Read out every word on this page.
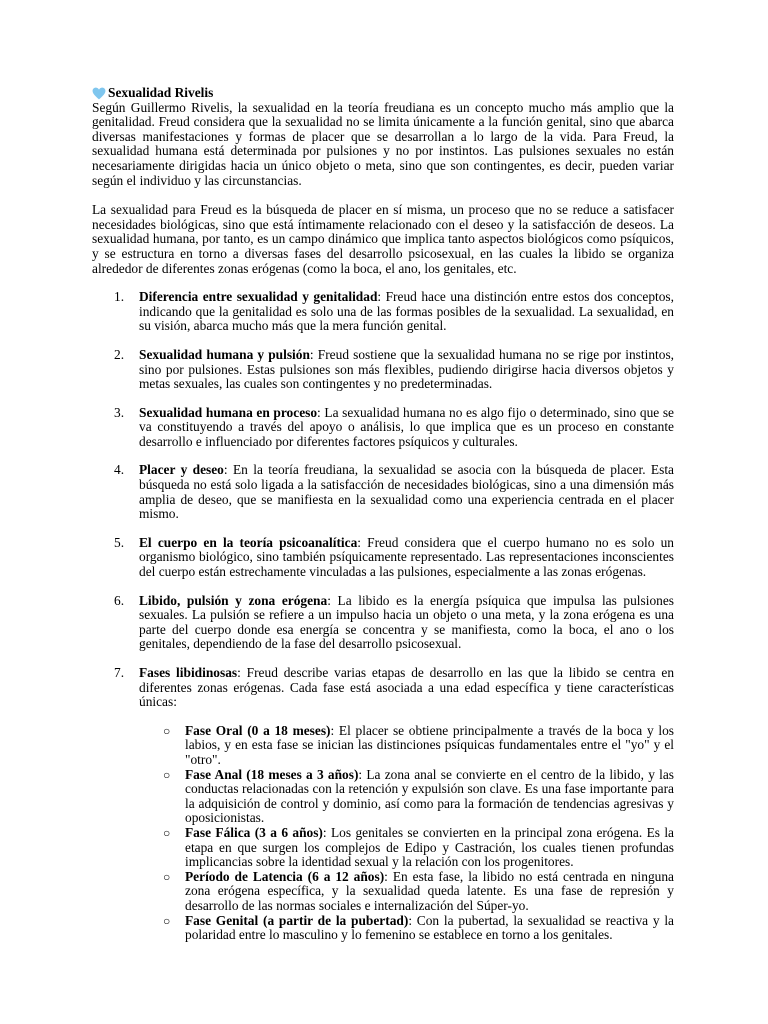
Sexualidad Rivelis

Según Guillermo Rivelis, la sexualidad en la teoría freudiana es un concepto mucho más amplio que la genitalidad. Freud considera que la sexualidad no se limita únicamente a la función genital, sino que abarca diversas manifestaciones y formas de placer que se desarrollan a lo largo de la vida. Para Freud, la sexualidad humana está determinada por pulsiones y no por instintos. Las pulsiones sexuales no están necesariamente dirigidas hacia un único objeto o meta, sino que son contingentes, es decir, pueden variar según el individuo y las circunstancias.

La sexualidad para Freud es la búsqueda de placer en sí misma, un proceso que no se reduce a satisfacer necesidades biológicas, sino que está íntimamente relacionado con el deseo y la satisfacción de deseos. La sexualidad humana, por tanto, es un campo dinámico que implica tanto aspectos biológicos como psíquicos, y se estructura en torno a diversas fases del desarrollo psicosexual, en las cuales la libido se organiza alrededor de diferentes zonas erógenas (como la boca, el ano, los genitales, etc.

1. Diferencia entre sexualidad y genitalidad: Freud hace una distinción entre estos dos conceptos, indicando que la genitalidad es solo una de las formas posibles de la sexualidad. La sexualidad, en su visión, abarca mucho más que la mera función genital.
2. Sexualidad humana y pulsión: Freud sostiene que la sexualidad humana no se rige por instintos, sino por pulsiones. Estas pulsiones son más flexibles, pudiendo dirigirse hacia diversos objetos y metas sexuales, las cuales son contingentes y no predeterminadas.
3. Sexualidad humana en proceso: La sexualidad humana no es algo fijo o determinado, sino que se va constituyendo a través del apoyo o análisis, lo que implica que es un proceso en constante desarrollo e influenciado por diferentes factores psíquicos y culturales.
4. Placer y deseo: En la teoría freudiana, la sexualidad se asocia con la búsqueda de placer. Esta búsqueda no está solo ligada a la satisfacción de necesidades biológicas, sino a una dimensión más amplia de deseo, que se manifiesta en la sexualidad como una experiencia centrada en el placer mismo.
5. El cuerpo en la teoría psicoanalítica: Freud considera que el cuerpo humano no es solo un organismo biológico, sino también psíquicamente representado. Las representaciones inconscientes del cuerpo están estrechamente vinculadas a las pulsiones, especialmente a las zonas erógenas.
6. Libido, pulsión y zona erógena: La libido es la energía psíquica que impulsa las pulsiones sexuales. La pulsión se refiere a un impulso hacia un objeto o una meta, y la zona erógena es una parte del cuerpo donde esa energía se concentra y se manifiesta, como la boca, el ano o los genitales, dependiendo de la fase del desarrollo psicosexual.
7. Fases libidinosas: Freud describe varias etapas de desarrollo en las que la libido se centra en diferentes zonas erógenas. Cada fase está asociada a una edad específica y tiene características únicas:
○ Fase Oral (0 a 18 meses): El placer se obtiene principalmente a través de la boca y los labios, y en esta fase se inician las distinciones psíquicas fundamentales entre el "yo" y el "otro".
○ Fase Anal (18 meses a 3 años): La zona anal se convierte en el centro de la libido, y las conductas relacionadas con la retención y expulsión son clave. Es una fase importante para la adquisición de control y dominio, así como para la formación de tendencias agresivas y oposicionistas.
○ Fase Fálica (3 a 6 años): Los genitales se convierten en la principal zona erógena. Es la etapa en que surgen los complejos de Edipo y Castración, los cuales tienen profundas implicancias sobre la identidad sexual y la relación con los progenitores.
○ Período de Latencia (6 a 12 años): En esta fase, la libido no está centrada en ninguna zona erógena específica, y la sexualidad queda latente. Es una fase de represión y desarrollo de las normas sociales e internalización del Súper-yo.
○ Fase Genital (a partir de la pubertad): Con la pubertad, la sexualidad se reactiva y la polaridad entre lo masculino y lo femenino se establece en torno a los genitales.
